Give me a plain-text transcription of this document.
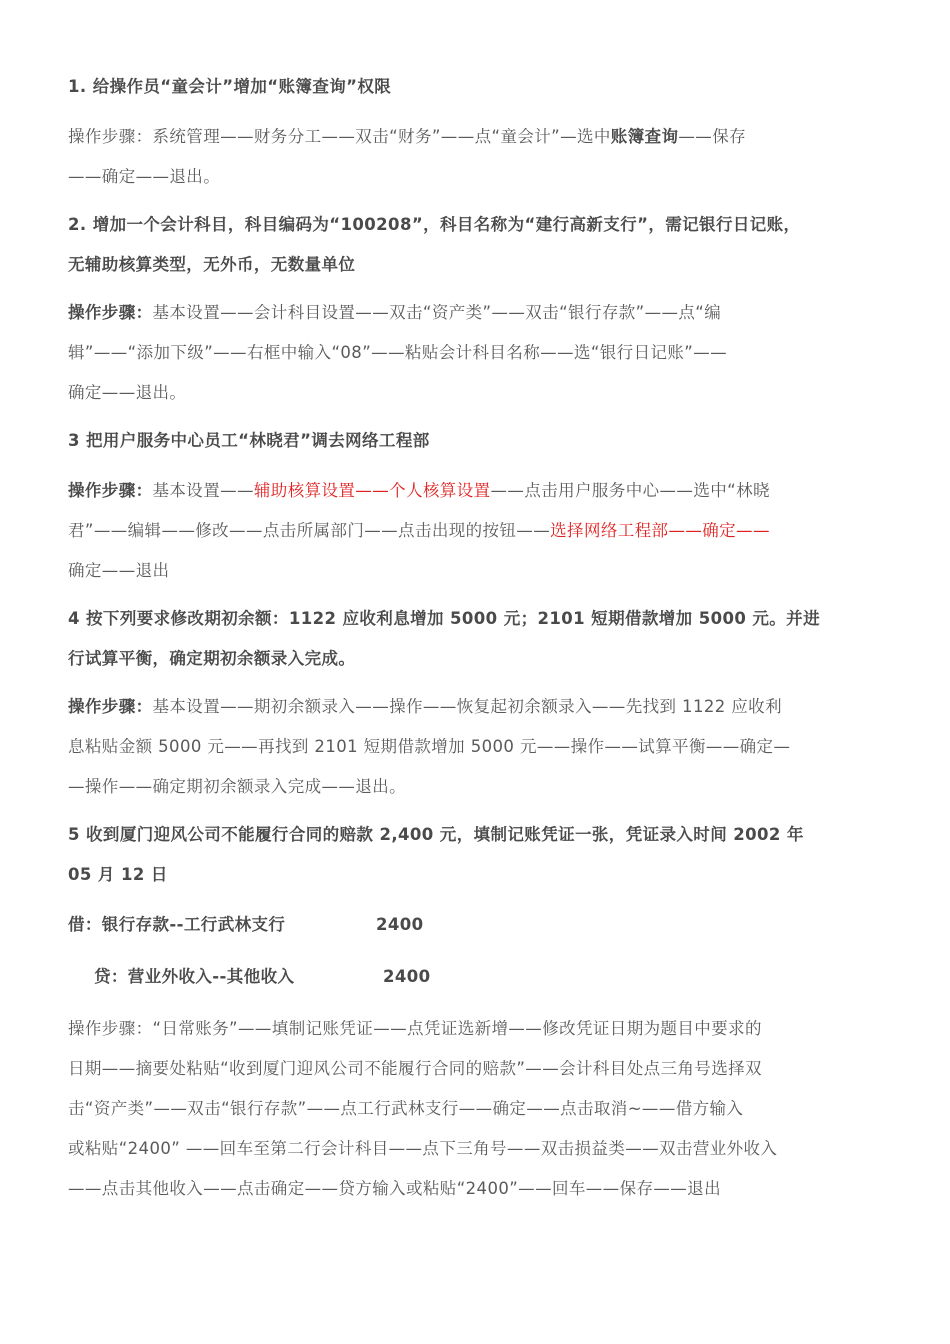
1. 给操作员“童会计”增加“账簿查询”权限
操作步骤：系统管理——财务分工——双击“财务”——点“童会计”—选中账簿查询——保存
——确定——退出。
2. 增加一个会计科目，科目编码为“100208”，科目名称为“建行高新支行”，需记银行日记账，
无辅助核算类型，无外币，无数量单位
操作步骤：基本设置——会计科目设置——双击“资产类”——双击“银行存款”——点“编
辑”——“添加下级”——右框中输入“08”——粘贴会计科目名称——选“银行日记账”——
确定——退出。
3 把用户服务中心员工“林晓君”调去网络工程部
操作步骤：基本设置——辅助核算设置——个人核算设置——点击用户服务中心——选中“林晓
君”——编辑——修改——点击所属部门——点击出现的按钮——选择网络工程部——确定——
确定——退出
4 按下列要求修改期初余额：1122 应收利息增加 5000 元；2101 短期借款增加 5000 元。并进
行试算平衡，确定期初余额录入完成。
操作步骤：基本设置——期初余额录入——操作——恢复起初余额录入——先找到 1122 应收利
息粘贴金额 5000 元——再找到 2101 短期借款增加 5000 元——操作——试算平衡——确定—
—操作——确定期初余额录入完成——退出。
5 收到厦门迎风公司不能履行合同的赔款 2,400 元，填制记账凭证一张，凭证录入时间 2002 年
05 月 12 日
借：银行存款--工行武林支行	2400
贷：营业外收入--其他收入	2400
操作步骤：“日常账务”——填制记账凭证——点凭证选新增——修改凭证日期为题目中要求的
日期——摘要处粘贴“收到厦门迎风公司不能履行合同的赔款”——会计科目处点三角号选择双
击“资产类”——双击“银行存款”——点工行武林支行——确定——点击取消~——借方输入
或粘贴“2400” ——回车至第二行会计科目——点下三角号——双击损益类——双击营业外收入
——点击其他收入——点击确定——贷方输入或粘贴“2400”——回车——保存——退出
